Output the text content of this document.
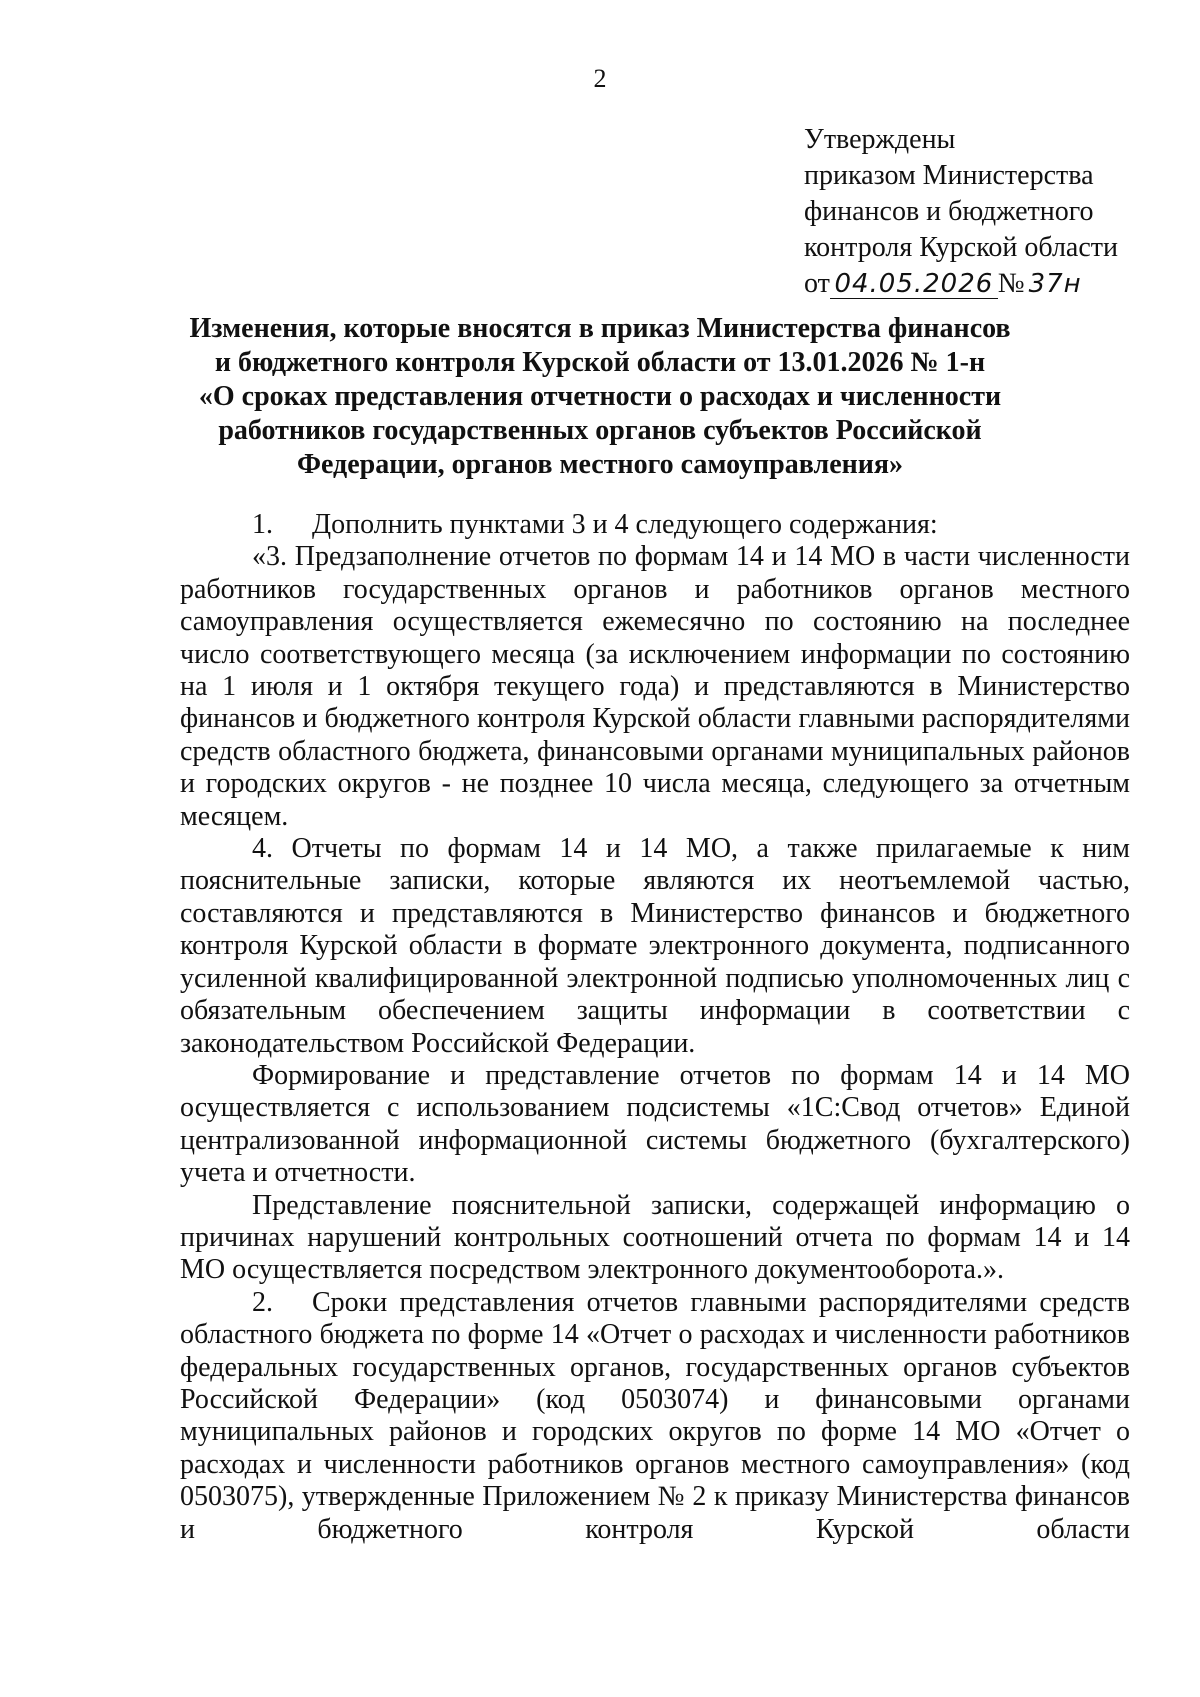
2
Утверждены
приказом Министерства
финансов и бюджетного
контроля Курской области
от 04.05.2026 № 37н
Изменения, которые вносятся в приказ Министерства финансов
и бюджетного контроля Курской области от 13.01.2026 № 1-н
«О сроках представления отчетности о расходах и численности
работников государственных органов субъектов Российской
Федерации, органов местного самоуправления»

1. Дополнить пунктами 3 и 4 следующего содержания:

«3. Предзаполнение отчетов по формам 14 и 14 МО в части численности работников государственных органов и работников органов местного самоуправления осуществляется ежемесячно по состоянию на последнее число соответствующего месяца (за исключением информации по состоянию на 1 июля и 1 октября текущего года) и представляются в Министерство финансов и бюджетного контроля Курской области главными распорядителями средств областного бюджета, финансовыми органами муниципальных районов и городских округов - не позднее 10 числа месяца, следующего за отчетным месяцем.

4. Отчеты по формам 14 и 14 МО, а также прилагаемые к ним пояснительные записки, которые являются их неотъемлемой частью, составляются и представляются в Министерство финансов и бюджетного контроля Курской области в формате электронного документа, подписанного усиленной квалифицированной электронной подписью уполномоченных лиц с обязательным обеспечением защиты информации в соответствии с законодательством Российской Федерации.

Формирование и представление отчетов по формам 14 и 14 МО осуществляется с использованием подсистемы «1С:Свод отчетов» Единой централизованной информационной системы бюджетного (бухгалтерского) учета и отчетности.

Представление пояснительной записки, содержащей информацию о причинах нарушений контрольных соотношений отчета по формам 14 и 14 МО осуществляется посредством электронного документооборота.».

2. Сроки представления отчетов главными распорядителями средств областного бюджета по форме 14 «Отчет о расходах и численности работников федеральных государственных органов, государственных органов субъектов Российской Федерации» (код 0503074) и финансовыми органами муниципальных районов и городских округов по форме 14 МО «Отчет о расходах и численности работников органов местного самоуправления» (код 0503075), утвержденные Приложением № 2 к приказу Министерства финансов и бюджетного контроля Курской области
